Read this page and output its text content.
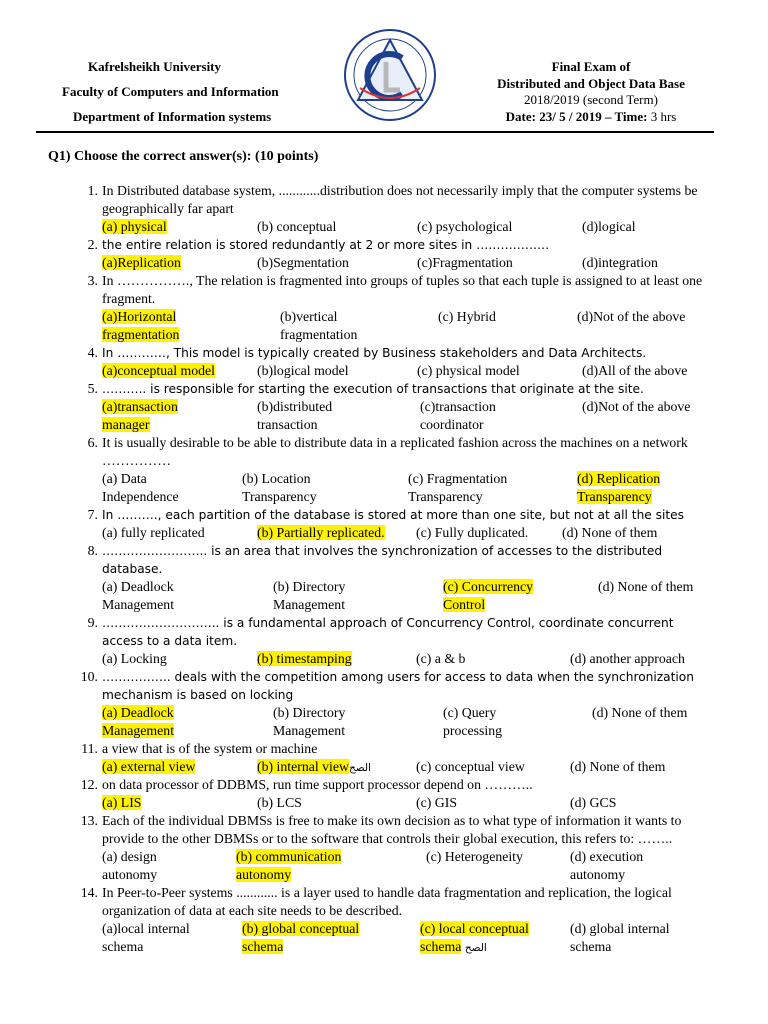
Kafrelsheikh University
Faculty of Computers and Information
Department of Information systems
Final Exam of
Distributed and Object Data Base
2018/2019 (second Term)
Date: 23/ 5 / 2019 – Time: 3 hrs
Q1) Choose the correct answer(s): (10 points)
1. In Distributed database system, ............distribution does not necessarily imply that the computer systems be geographically far apart
(a) physical	(b) conceptual	(c) psychological	(d)logical
2. the entire relation is stored redundantly at 2 or more sites in ………………
(a)Replication	(b)Segmentation	(c)Fragmentation	(d)integration
3. In ……………., The relation is fragmented into groups of tuples so that each tuple is assigned to at least one fragment.
(a)Horizontal fragmentation
(b)vertical fragmentation
(c) Hybrid	(d)Not of the above
4. In …………, This model is typically created by Business stakeholders and Data Architects.
(a)conceptual model	(b)logical model	(c) physical model	(d)All of the above
5. ……….. is responsible for starting the execution of transactions that originate at the site.
(a)transaction manager
(b)distributed transaction
(c)transaction coordinator
(d)Not of the above
6. It is usually desirable to be able to distribute data in a replicated fashion across the machines on a network ……………
(a) Data Independence
(b) Location Transparency
(c) Fragmentation Transparency
(d) Replication Transparency
7. In ………., each partition of the database is stored at more than one site, but not at all the sites
(a) fully replicated	(b) Partially replicated. (c) Fully duplicated. (d) None of them
8. …………………….. is an area that involves the synchronization of accesses to the distributed database.
(a) Deadlock Management
(b) Directory Management
(c) Concurrency Control
(d) None of them
9. ……………………….. is a fundamental approach of Concurrency Control, coordinate concurrent access to a data item.
(a) Locking	(b) timestamping	(c) a & b	(d) another approach
10. …………….. deals with the competition among users for access to data when the synchronization mechanism is based on locking
(a) Deadlock Management
(b) Directory Management
(c) Query processing
(d) None of them
11. a view that is of the system or machine
(a) external view	(b) internal viewالصح	(c) conceptual view	(d) None of them
12. on data processor of DDBMS, run time support processor depend on ………..
(a) LIS	(b) LCS	(c) GIS	(d) GCS
13. Each of the individual DBMSs is free to make its own decision as to what type of information it wants to provide to the other DBMSs or to the software that controls their global execution, this refers to: ……..
(a) design autonomy
(b) communication autonomy
(c) Heterogeneity	(d) execution autonomy
14. In Peer-to-Peer systems ............ is a layer used to handle data fragmentation and replication, the logical organization of data at each site needs to be described.
(a)local internal schema
(b) global conceptual schema
(c) local conceptual schema الصح
(d) global internal schema
